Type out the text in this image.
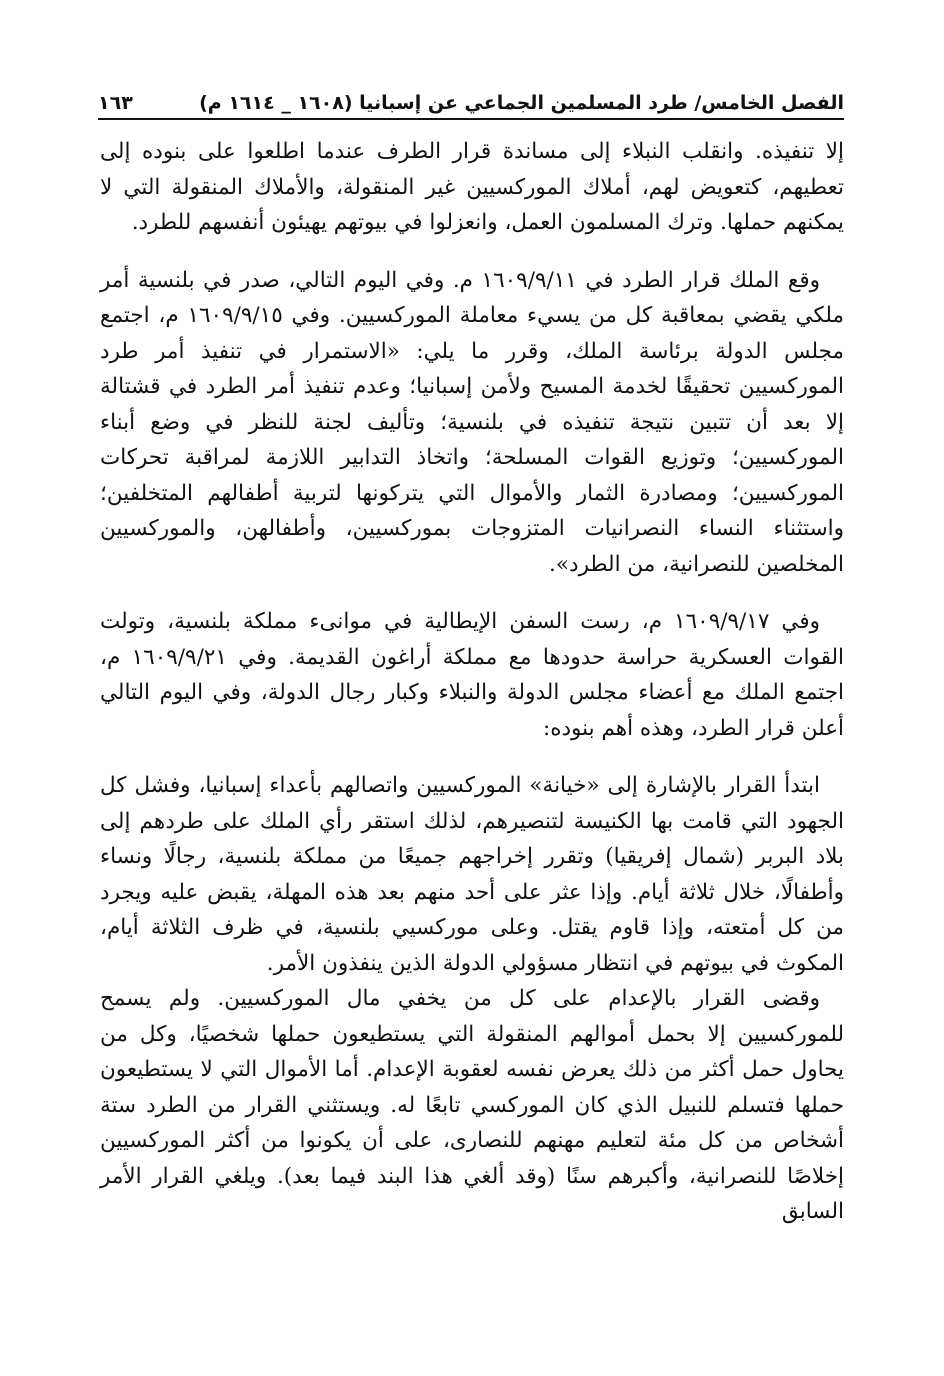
الفصل الخامس/ طرد المسلمين الجماعي عن إسبانيا (١٦٠٨ _ ١٦١٤ م)
١٦٣

إلا تنفيذه. وانقلب النبلاء إلى مساندة قرار الطرف عندما اطلعوا على بنوده إلى تعطيهم، كتعويض لهم، أملاك الموركسيين غير المنقولة، والأملاك المنقولة التي لا يمكنهم حملها. وترك المسلمون العمل، وانعزلوا في بيوتهم يهيئون أنفسهم للطرد.

وقع الملك قرار الطرد في ١٦٠٩/٩/١١ م. وفي اليوم التالي، صدر في بلنسية أمر ملكي يقضي بمعاقبة كل من يسيء معاملة الموركسيين. وفي ١٦٠٩/٩/١٥ م، اجتمع مجلس الدولة برئاسة الملك، وقرر ما يلي: «الاستمرار في تنفيذ أمر طرد الموركسيين تحقيقًا لخدمة المسيح ولأمن إسبانيا؛ وعدم تنفيذ أمر الطرد في قشتالة إلا بعد أن تتبين نتيجة تنفيذه في بلنسية؛ وتأليف لجنة للنظر في وضع أبناء الموركسيين؛ وتوزيع القوات المسلحة؛ واتخاذ التدابير اللازمة لمراقبة تحركات الموركسيين؛ ومصادرة الثمار والأموال التي يتركونها لتربية أطفالهم المتخلفين؛ واستثناء النساء النصرانيات المتزوجات بموركسيين، وأطفالهن، والموركسيين المخلصين للنصرانية، من الطرد».

وفي ١٦٠٩/٩/١٧ م، رست السفن الإيطالية في موانىء مملكة بلنسية، وتولت القوات العسكرية حراسة حدودها مع مملكة أراغون القديمة. وفي ١٦٠٩/٩/٢١ م، اجتمع الملك مع أعضاء مجلس الدولة والنبلاء وكبار رجال الدولة، وفي اليوم التالي أعلن قرار الطرد، وهذه أهم بنوده:

ابتدأ القرار بالإشارة إلى «خيانة» الموركسيين واتصالهم بأعداء إسبانيا، وفشل كل الجهود التي قامت بها الكنيسة لتنصيرهم، لذلك استقر رأي الملك على طردهم إلى بلاد البربر (شمال إفريقيا) وتقرر إخراجهم جميعًا من مملكة بلنسية، رجالًا ونساء وأطفالًا، خلال ثلاثة أيام. وإذا عثر على أحد منهم بعد هذه المهلة، يقبض عليه ويجرد من كل أمتعته، وإذا قاوم يقتل. وعلى موركسيي بلنسية، في ظرف الثلاثة أيام، المكوث في بيوتهم في انتظار مسؤولي الدولة الذين ينفذون الأمر.

وقضى القرار بالإعدام على كل من يخفي مال الموركسيين. ولم يسمح للموركسيين إلا بحمل أموالهم المنقولة التي يستطيعون حملها شخصيًا، وكل من يحاول حمل أكثر من ذلك يعرض نفسه لعقوبة الإعدام. أما الأموال التي لا يستطيعون حملها فتسلم للنبيل الذي كان الموركسي تابعًا له. ويستثني القرار من الطرد ستة أشخاص من كل مئة لتعليم مهنهم للنصارى، على أن يكونوا من أكثر الموركسيين إخلاصًا للنصرانية، وأكبرهم سنًا (وقد ألغي هذا البند فيما بعد). ويلغي القرار الأمر السابق
